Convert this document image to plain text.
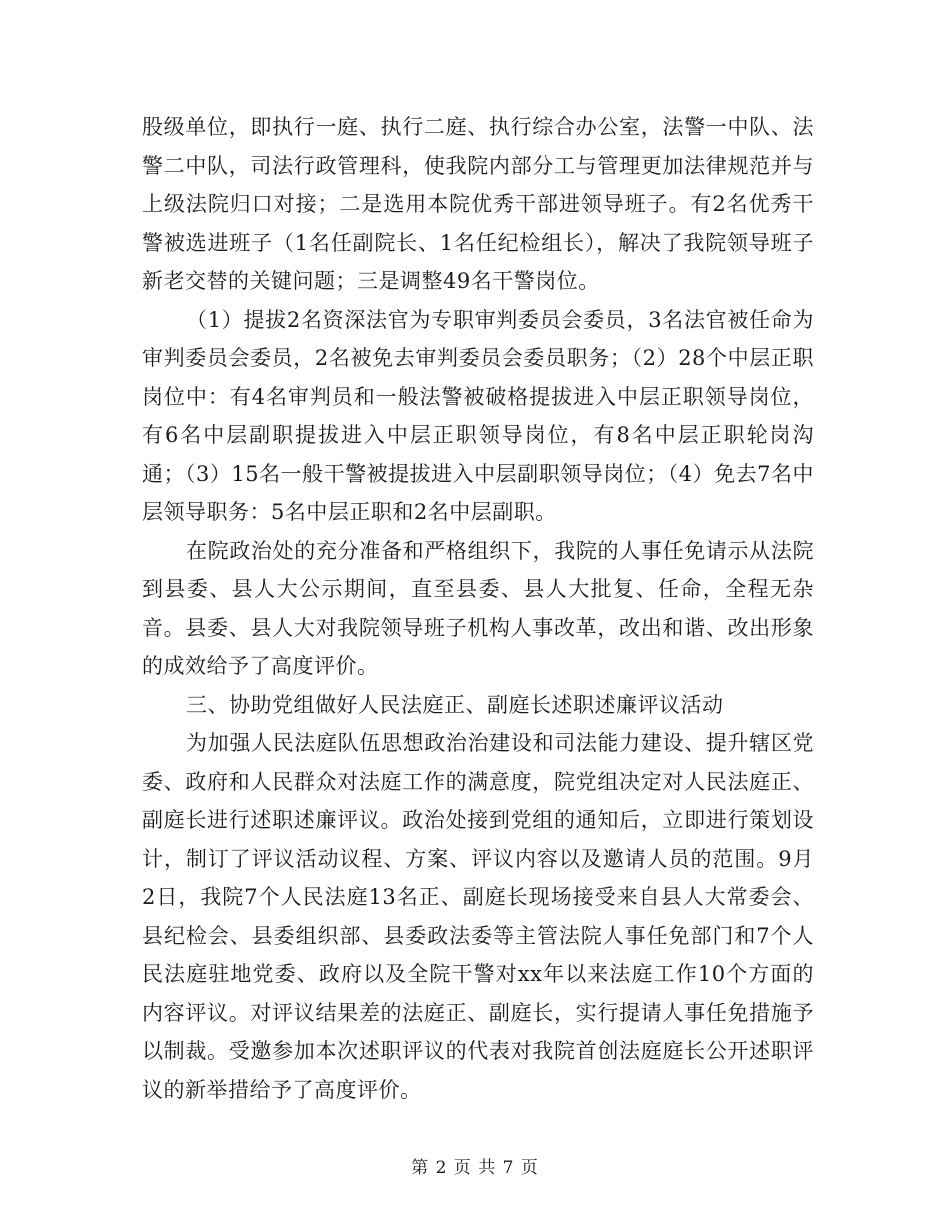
股级单位，即执行一庭、执行二庭、执行综合办公室，法警一中队、法警二中队，司法行政管理科，使我院内部分工与管理更加法律规范并与上级法院归口对接；二是选用本院优秀干部进领导班子。有2名优秀干警被选进班子（1名任副院长、1名任纪检组长），解决了我院领导班子新老交替的关键问题；三是调整49名干警岗位。

（1）提拔2名资深法官为专职审判委员会委员，3名法官被任命为审判委员会委员，2名被免去审判委员会委员职务；（2）28个中层正职岗位中：有4名审判员和一般法警被破格提拔进入中层正职领导岗位，有6名中层副职提拔进入中层正职领导岗位，有8名中层正职轮岗沟通；（3）15名一般干警被提拔进入中层副职领导岗位；（4）免去7名中层领导职务：5名中层正职和2名中层副职。

在院政治处的充分准备和严格组织下，我院的人事任免请示从法院到县委、县人大公示期间，直至县委、县人大批复、任命，全程无杂音。县委、县人大对我院领导班子机构人事改革，改出和谐、改出形象的成效给予了高度评价。

三、协助党组做好人民法庭正、副庭长述职述廉评议活动

为加强人民法庭队伍思想政治治建设和司法能力建设、提升辖区党委、政府和人民群众对法庭工作的满意度，院党组决定对人民法庭正、副庭长进行述职述廉评议。政治处接到党组的通知后，立即进行策划设计，制订了评议活动议程、方案、评议内容以及邀请人员的范围。9月2日，我院7个人民法庭13名正、副庭长现场接受来自县人大常委会、县纪检会、县委组织部、县委政法委等主管法院人事任免部门和7个人民法庭驻地党委、政府以及全院干警对xx年以来法庭工作10个方面的内容评议。对评议结果差的法庭正、副庭长，实行提请人事任免措施予以制裁。受邀参加本次述职评议的代表对我院首创法庭庭长公开述职评议的新举措给予了高度评价。

第 2 页 共 7 页
